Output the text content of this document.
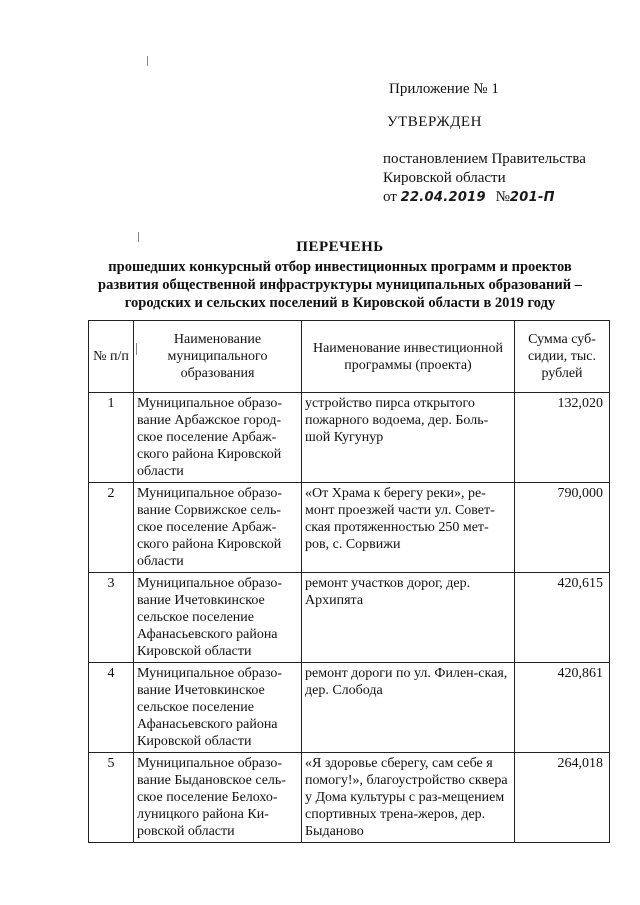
Приложение № 1
УТВЕРЖДЕН
постановлением Правительства
Кировской области
от 22.04.2019 №201-П
ПЕРЕЧЕНЬ
прошедших конкурсный отбор инвестиционных программ и проектов
развития общественной инфраструктуры муниципальных образований –
городских и сельских поселений в Кировской области в 2019 году
№ п/п	Наименование муниципального образования	Наименование инвестиционной программы (проекта)	Сумма суб-сидии, тыс. рублей
1	Муниципальное образо-вание Арбажское город-ское поселение Арбаж-ского района Кировской области	устройство пирса открытого пожарного водоема, дер. Боль-шой Кугунур	132,020
2	Муниципальное образо-вание Сорвижское сель-ское поселение Арбаж-ского района Кировской области	«От Храма к берегу реки», ре-монт проезжей части ул. Совет-ская протяженностью 250 мет-ров, с. Сорвижи	790,000
3	Муниципальное образо-вание Ичетовкинское сельское поселение Афанасьевского района Кировской области	ремонт участков дорог, дер. Архипята	420,615
4	Муниципальное образо-вание Ичетовкинское сельское поселение Афанасьевского района Кировской области	ремонт дороги по ул. Филен-ская, дер. Слобода	420,861
5	Муниципальное образо-вание Быдановское сель-ское поселение Белохо-луницкого района Ки-ровской области	«Я здоровье сберегу, сам себе я помогу!», благоустройство сквера у Дома культуры с раз-мещением спортивных трена-жеров, дер. Быданово	264,018
